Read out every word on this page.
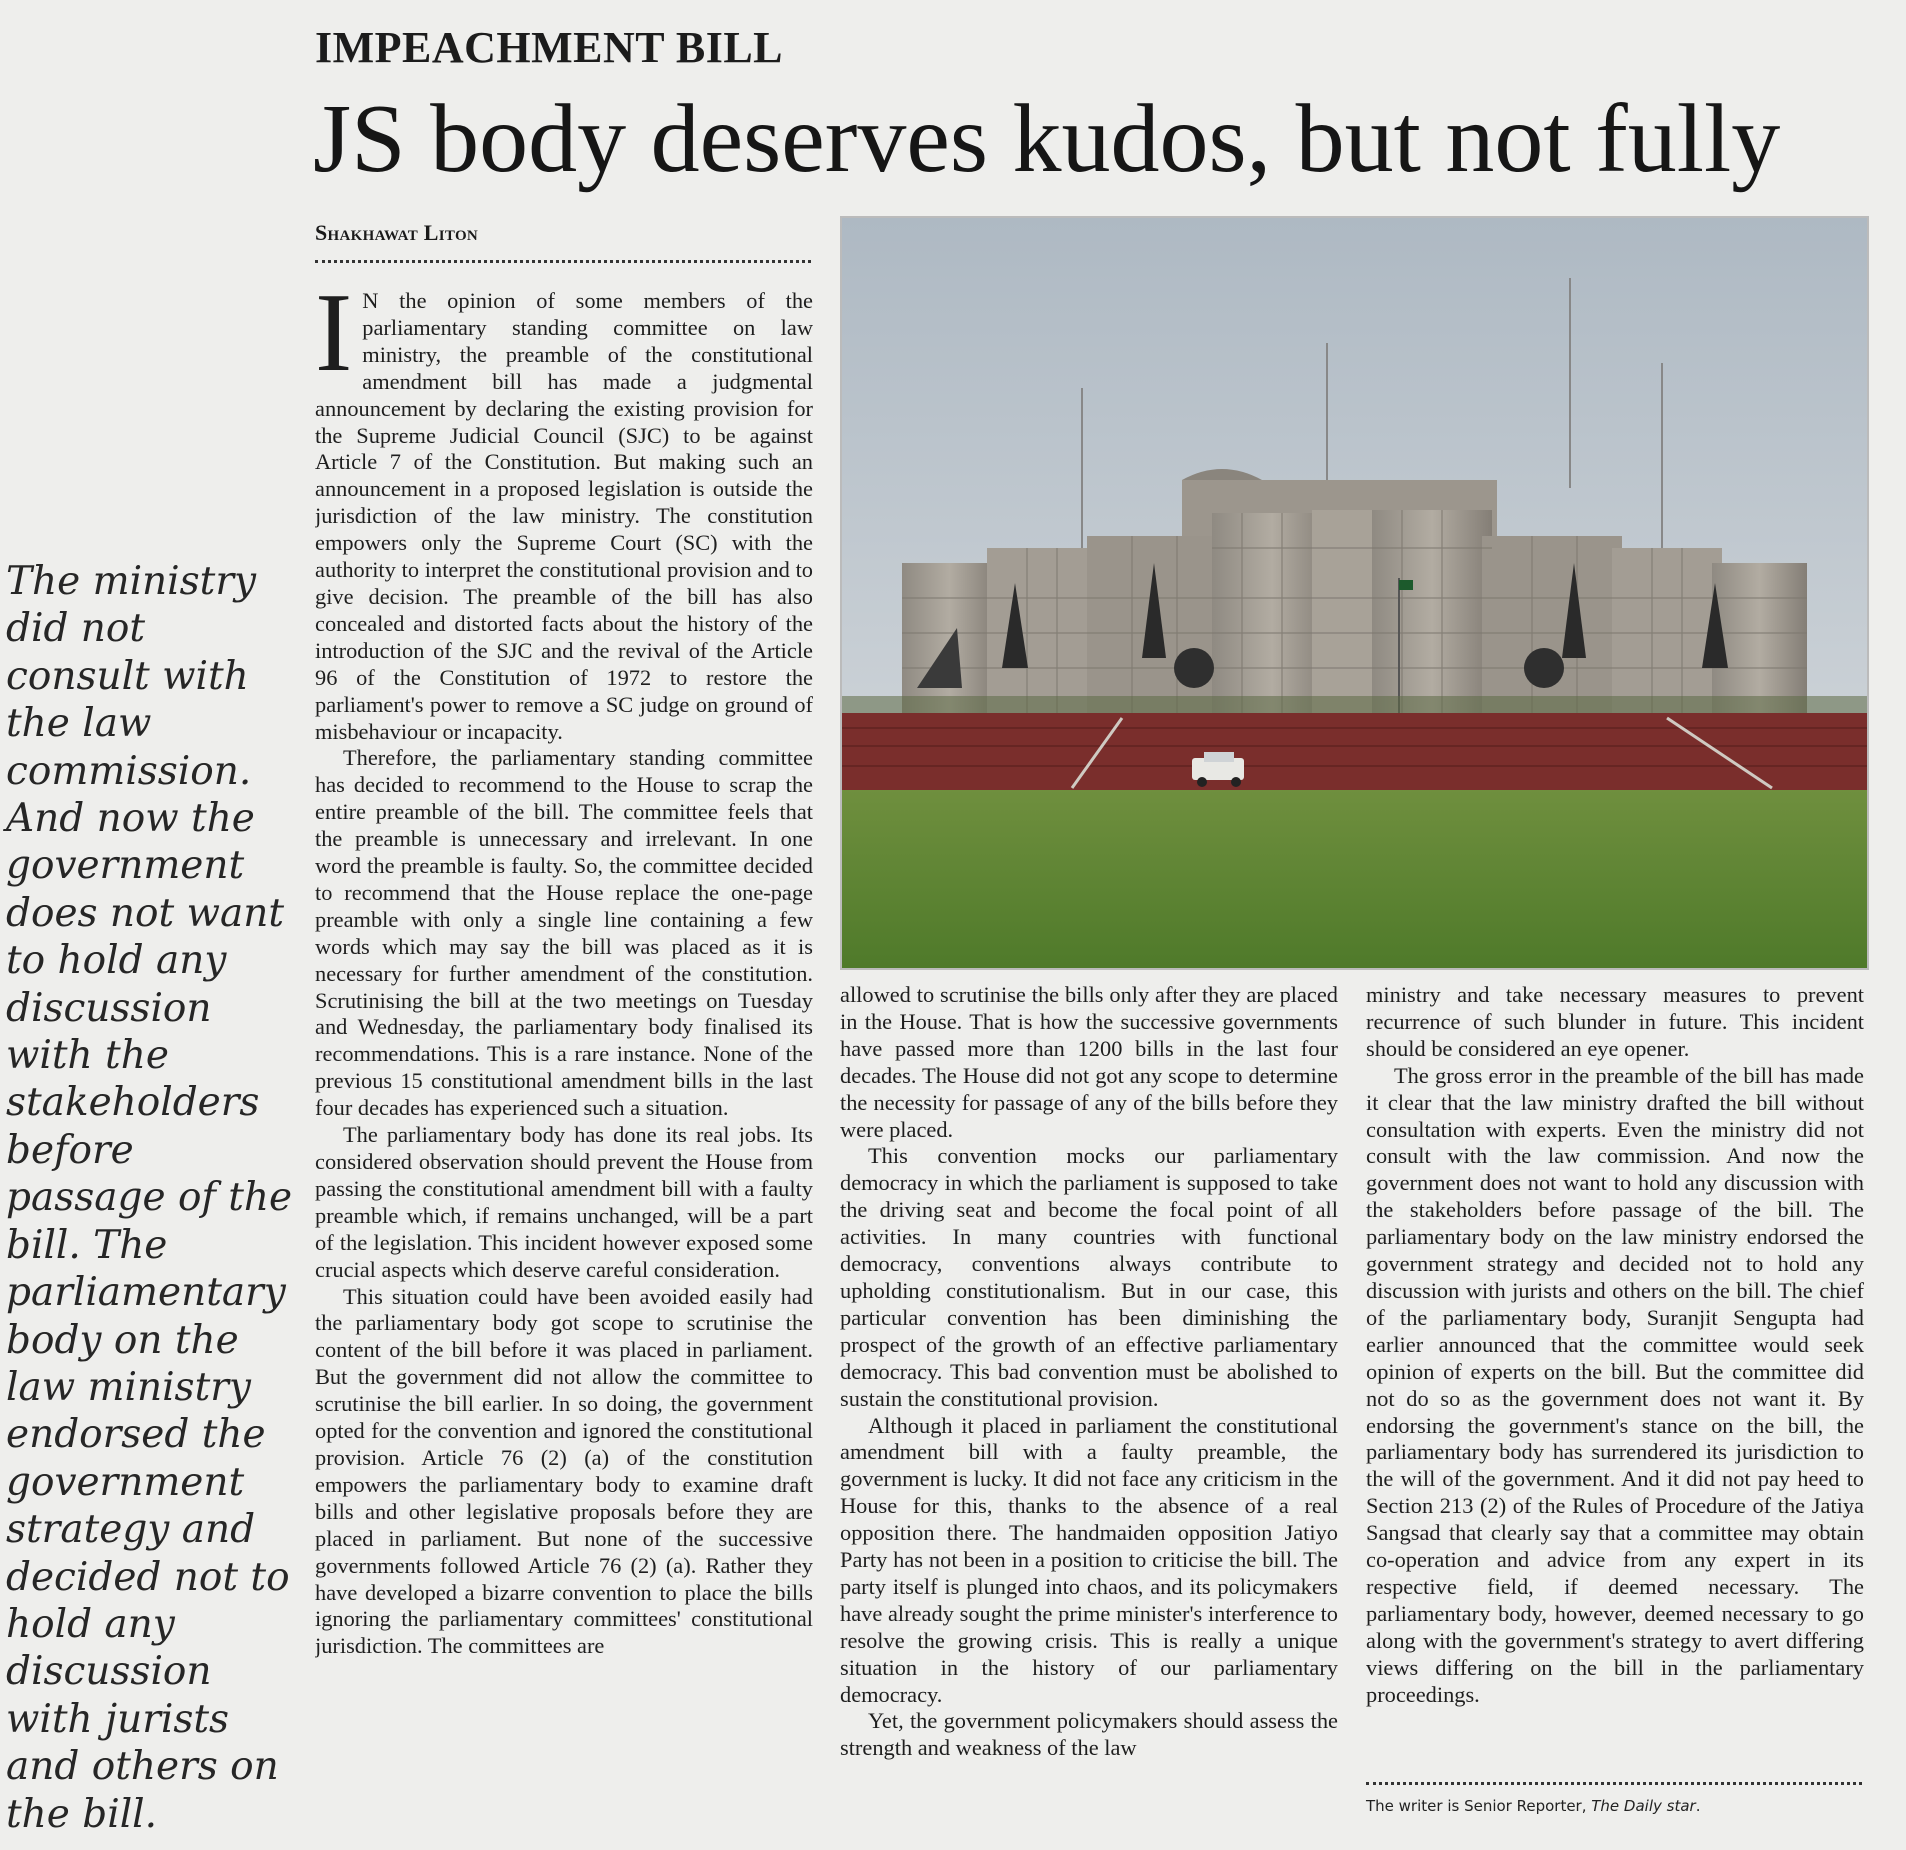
IMPEACHMENT BILL
JS body deserves kudos, but not fully
Shakhawat Liton
The ministry did not consult with the law commission. And now the government does not want to hold any discussion with the stakeholders before passage of the bill. The parliamentary body on the law ministry endorsed the government strategy and decided not to hold any discussion with jurists and others on the bill.

I N the opinion of some members of the parliamentary standing committee on law ministry, the preamble of the constitutional amendment bill has made a judgmental announcement by declaring the existing provision for the Supreme Judicial Council (SJC) to be against Article 7 of the Constitution. But making such an announcement in a proposed legislation is outside the jurisdiction of the law ministry. The constitution empowers only the Supreme Court (SC) with the authority to interpret the constitutional provision and to give decision. The preamble of the bill has also concealed and distorted facts about the history of the introduction of the SJC and the revival of the Article 96 of the Constitution of 1972 to restore the parliament's power to remove a SC judge on ground of misbehaviour or incapacity.

Therefore, the parliamentary standing committee has decided to recommend to the House to scrap the entire preamble of the bill. The committee feels that the preamble is unnecessary and irrelevant. In one word the preamble is faulty. So, the committee decided to recommend that the House replace the one-page preamble with only a single line containing a few words which may say the bill was placed as it is necessary for further amendment of the constitution. Scrutinising the bill at the two meetings on Tuesday and Wednesday, the parliamentary body finalised its recommendations. This is a rare instance. None of the previous 15 constitutional amendment bills in the last four decades has experienced such a situation.

The parliamentary body has done its real jobs. Its considered observation should prevent the House from passing the constitutional amendment bill with a faulty preamble which, if remains unchanged, will be a part of the legislation. This incident however exposed some crucial aspects which deserve careful consideration.

This situation could have been avoided easily had the parliamentary body got scope to scrutinise the content of the bill before it was placed in parliament. But the government did not allow the committee to scrutinise the bill earlier. In so doing, the government opted for the convention and ignored the constitutional provision. Article 76 (2) (a) of the constitution empowers the parliamentary body to examine draft bills and other legislative proposals before they are placed in parliament. But none of the successive governments followed Article 76 (2) (a). Rather they have developed a bizarre convention to place the bills ignoring the parliamentary committees' constitutional jurisdiction. The committees are

allowed to scrutinise the bills only after they are placed in the House. That is how the successive governments have passed more than 1200 bills in the last four decades. The House did not got any scope to determine the necessity for passage of any of the bills before they were placed.

This convention mocks our parliamentary democracy in which the parliament is supposed to take the driving seat and become the focal point of all activities. In many countries with functional democracy, conventions always contribute to upholding constitutionalism. But in our case, this particular convention has been diminishing the prospect of the growth of an effective parliamentary democracy. This bad convention must be abolished to sustain the constitutional provision.

Although it placed in parliament the constitutional amendment bill with a faulty preamble, the government is lucky. It did not face any criticism in the House for this, thanks to the absence of a real opposition there. The handmaiden opposition Jatiyo Party has not been in a position to criticise the bill. The party itself is plunged into chaos, and its policymakers have already sought the prime minister's interference to resolve the growing crisis. This is really a unique situation in the history of our parliamentary democracy.

Yet, the government policymakers should assess the strength and weakness of the law

ministry and take necessary measures to prevent recurrence of such blunder in future. This incident should be considered an eye opener.

The gross error in the preamble of the bill has made it clear that the law ministry drafted the bill without consultation with experts. Even the ministry did not consult with the law commission. And now the government does not want to hold any discussion with the stakeholders before passage of the bill. The parliamentary body on the law ministry endorsed the government strategy and decided not to hold any discussion with jurists and others on the bill. The chief of the parliamentary body, Suranjit Sengupta had earlier announced that the committee would seek opinion of experts on the bill. But the committee did not do so as the government does not want it. By endorsing the government's stance on the bill, the parliamentary body has surrendered its jurisdiction to the will of the government. And it did not pay heed to Section 213 (2) of the Rules of Procedure of the Jatiya Sangsad that clearly say that a committee may obtain co-operation and advice from any expert in its respective field, if deemed necessary. The parliamentary body, however, deemed necessary to go along with the government's strategy to avert differing views differing on the bill in the parliamentary proceedings.

The writer is Senior Reporter, The Daily star.
